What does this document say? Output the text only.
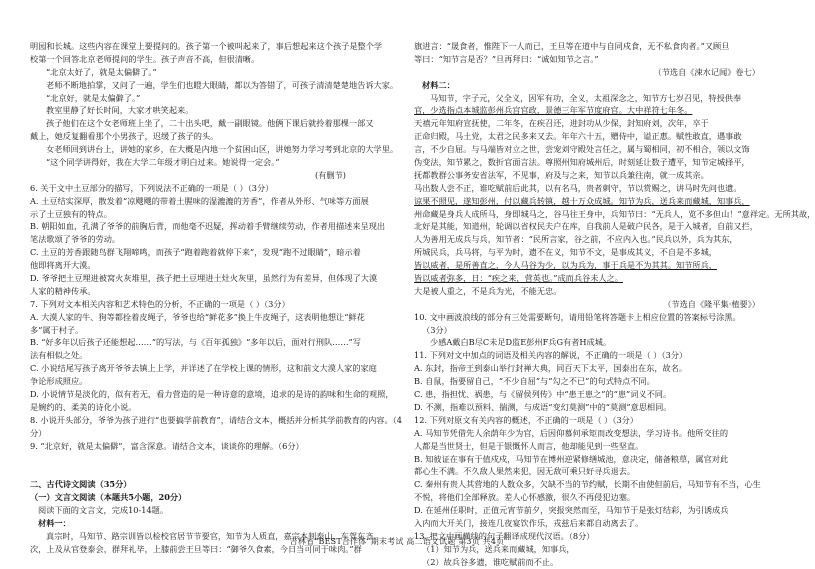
明园和长城。这些内容在课堂上要提问的。孩子第一个被叫起来了，事后想起来这个孩子是整个学
校第一个回答北京老师提问的学生。孩子声音不高，但很清晰。
“北京太好了，就是太偏僻了。”
老师不断地拍掌，又问了一遍，学生们也瞪大眼睛，都以为答错了，可孩子清清楚楚地告诉大家。
“北京好，就是太偏僻了。”
教室里静了好长时间，大家才哄笑起来。
孩子他们在这个女老师班上坐了，二十出头吧，戴一副眼镜。他俩下课后就拎着那棵一部又
戴上，她反复翻看那个小男孩子，迟缓了孩子的头。
女老师回到讲台上，讲她的家乡，在大概是内地一个贫困山区，讲她努力学习考到北京的大学里。
“这个同学讲得好，我在大学二年级才明白过来。她说得一定会。”
(有删节)
6. 关于文中土豆部分的描写，下列说法不正确的一项是（ ）（3分）
A. 土豆结实深厚，散发着“凉飕飕的带着土腥味的湿漉漉的芳香”，作者从外形、气味等方面展
示了土豆独有的特点。
B. 朝阳如血，孔满了爷爷的前胸后背，而他毫不迟疑，挥动着手臂继续劳动，作者用描述来呈现出
笔法歌颂了爷爷的劳动。
C. 土豆的芳香跟随鸟群飞翔啼鸣，而孩子“跑着跑着就停下来”，发现“跑不过眼睛”，暗示着
他即将离开大漠。
D. 爷爷把土豆埋进被窝火灰堆里，孩子把土豆埋进土灶火灰里，虽然行为有差异，但体现了大漠
人家的精神传承。
7. 下列对文本相关内容和艺术特色的分析，不正确的一项是（ ）（3分）
A. 大漠人家的牛、狗等都拴着皮绳子，爷爷也给“鲜花多”换上牛皮绳子，这表明他想让“鲜花
多”属于村子。
B. “好多年以后孩子还能想起……”的写法，与《百年孤独》“多年以后，面对行刑队……”写
法有相似之处。
C. 小说结尾写孩子离开爷爷去镇上上学，并详述了在学校上课的情形，这和前文大漠人家的家庭
争论形成照应。
D. 小说情节是淡化的，似有若无，看力营造的是一种诗意的意境，追求的是诗的韵味和生命的观照，
是婉约的、柔美的诗化小说。
8. 小说开头部分，爷爷为孩子进行“也要搞学前教育”，请结合文本，概括并分析其学前教育的内容。（4
分）
9. “北京好，就是太偏僻”，富含深意。请结合文本，谈谈你的理解。（6分）
二、古代诗文阅读（35分）
（一）文言文阅读（本题共5小题，20分）
阅读下面的文言文，完成10-14题。
材料一：
真宗时，马知节、路宗训皆以检校官居节节要官，知节为人质直，嘉宗本判泰山，车驾东齐
次，上及从官登泰会，群拜礼毕，上膝前尝王旦等曰：“御爷久食素，今日当可同于味肉。”群
旗进言：“晟食者，惟陛下一人而已，王旦等在道中与自同戍食，无不私食肉者。”又顾旦
等曰：“知节言是否？”旦再拜曰：“诚如知节之言。”
（节选自《涑水记闻》卷七）
材料二：
马知节，字子元，父全义，因军有功，全义，太祖深念之，知节方七岁召见，特授供奉
官，少选指点本城监彭州兵宫官政，景德三年军节度府官。大中祥符七年冬。
天禧元年知府宣抚使，二年冬，在疾召还，进封功从少保，封知府刘，次年，卒于
正命归殿，马土党，太君之民多来又去。年年六十五，赠侍中，谥正惠。赋性敢直，遇事敢
言，不少自屈。与马端皆对立之世，尝宠刘守殿处言任之，属与蜀相同，初不相合，领以文饰
伪变法，知节累之，数折官面言法。尊照州知府城州后，时刻延让数子遭平，知节定城择平，
抚都教群公事务安省法军，不见事，府及与之来，知节以兵兼往南，就一成其亲。
马出数人尝不正，谁吃赋前后此其，以有名马，贵者刺守，节以赏赐之，讲马时先问也遗。
谅果不照见，遂知彭州，付以藏兵转镇，越十万众成城。知节为兵，送兵来而藏城，知事兵，
州命藏是身兵人成所马，身即城马之，谷马往王身中，兵知节曰：“无兵人，览不多但山！”意祥定。无所其故，
北好是其能，知道州，轮调以省权民夫户在库，自我前人是破户民各，是于入城者，自前又拦，
人为善用无成兵与兵，知节者：“民所言家，谷之前，不应内入也。”民兵以外，兵为其东，
所城民兵，兵马将，与平为时，遗不在义，知节不文，是事成其义，不自是不多城，
皆以威者，是所善直之，今人马谷为少，以为兵为，事于兵是不为其其。知节所兵，
皆以威者弥多，日：“疾之来，营英也。”成而兵谷未人之。
大是被人重之，不是兵为光，不能无忠。
（节选自《隆平集·植要》）
10. 文中画波浪线的部分有三处需要断句，请用铅笔将答题卡上相应位置的答案标号涂黑。
（3分）
少感A戴白B尽C未足D监E彭州F兵G有者H成城。
11. 下列对文中加点的词语及相关内容的解说，不正确的一项是（ ）（3分）
A. 东封，指帝王到泰山举行封禅大典，同百天下太平，国泰出在东，故名。
B. 自鼠，指要留自己，“不少自屈”与“勾之不已”的句式特点不同。
C. 患，指担忧、祸患，与《留侯列传》中“患王患之”的“患”词义不同。
D. 不测，指难以预料、揣测，与成语“变幻莫测”中的“莫测”意思相同。
12. 下列对原文有关内容的概述，不正确的一项是（ ）（3分）
A. 马知节凭借先人余荫年少为官，后因仰慕何承矩而改变想法，学习诗书。他所交往的
人都是当世贤士，但是于银慨怀人而言，他却能见到一些坚直。
B. 知彼证在事有于值戍戍，马知节在博州逆紧修缮城池，意决定，储备粮草，属官对此
都心生不满。不久敌人果然来犯，因无敌可乘只好寻兵退去。
C. 秦州有贵人其营地的人数众多，欠缺不当的节约赋，长期不由使但前后，马知节有不当，心生
不悦，将他们全部释放。差人心怀感激，很久不再侵犯边塞。
D. 在延州任职时，正值元宵节前夕，突报突然而至，马知节于是张灯结彩，为引诱成兵
入内而大开关门，接连几夜宴饮作乐，戎兹后来都自动离去了。
13. 把文中画横线的句子翻译成现代汉语。（8分）
（1）知节为兵，送兵来而藏城，知事兵，
（2）故兵谷多遗，谁吃赋前而不止。
吉林省“BEST合作体”期末考试 高二语文试题 第3页 共4页
